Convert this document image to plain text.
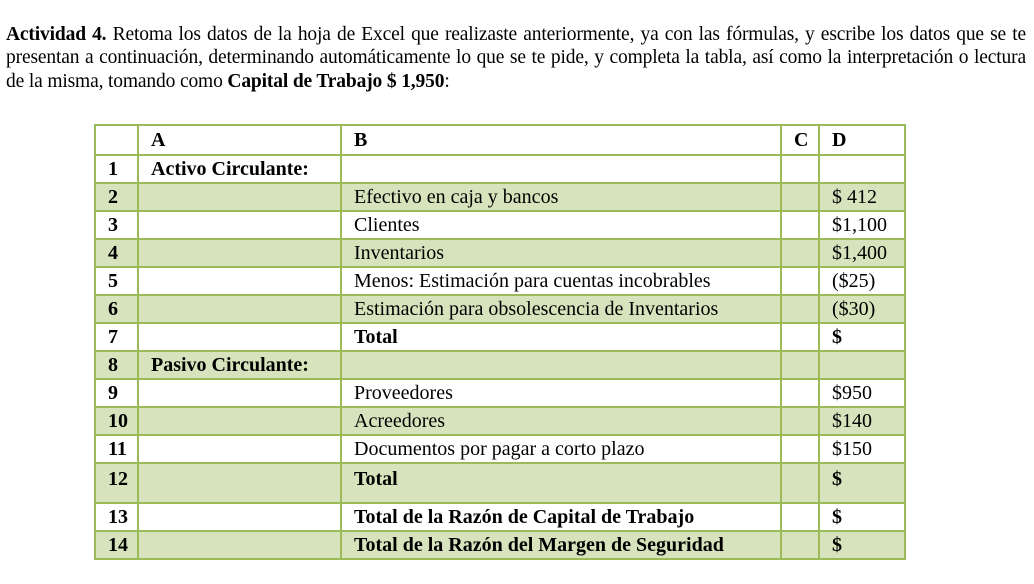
Actividad 4. Retoma los datos de la hoja de Excel que realizaste anteriormente, ya con las fórmulas, y escribe los datos que se te presentan a continuación, determinando automáticamente lo que se te pide, y completa la tabla, así como la interpretación o lectura de la misma, tomando como Capital de Trabajo $ 1,950:

	A	B	C	D
1	Activo Circulante:			
2		Efectivo en caja y bancos		$ 412
3		Clientes		$1,100
4		Inventarios		$1,400
5		Menos: Estimación para cuentas incobrables		($25)
6		Estimación para obsolescencia de Inventarios		($30)
7		Total		$
8	Pasivo Circulante:			
9		Proveedores		$950
10		Acreedores		$140
11		Documentos por pagar a corto plazo		$150
12		Total		$
13		Total de la Razón de Capital de Trabajo		$
14		Total de la Razón del Margen de Seguridad		$
